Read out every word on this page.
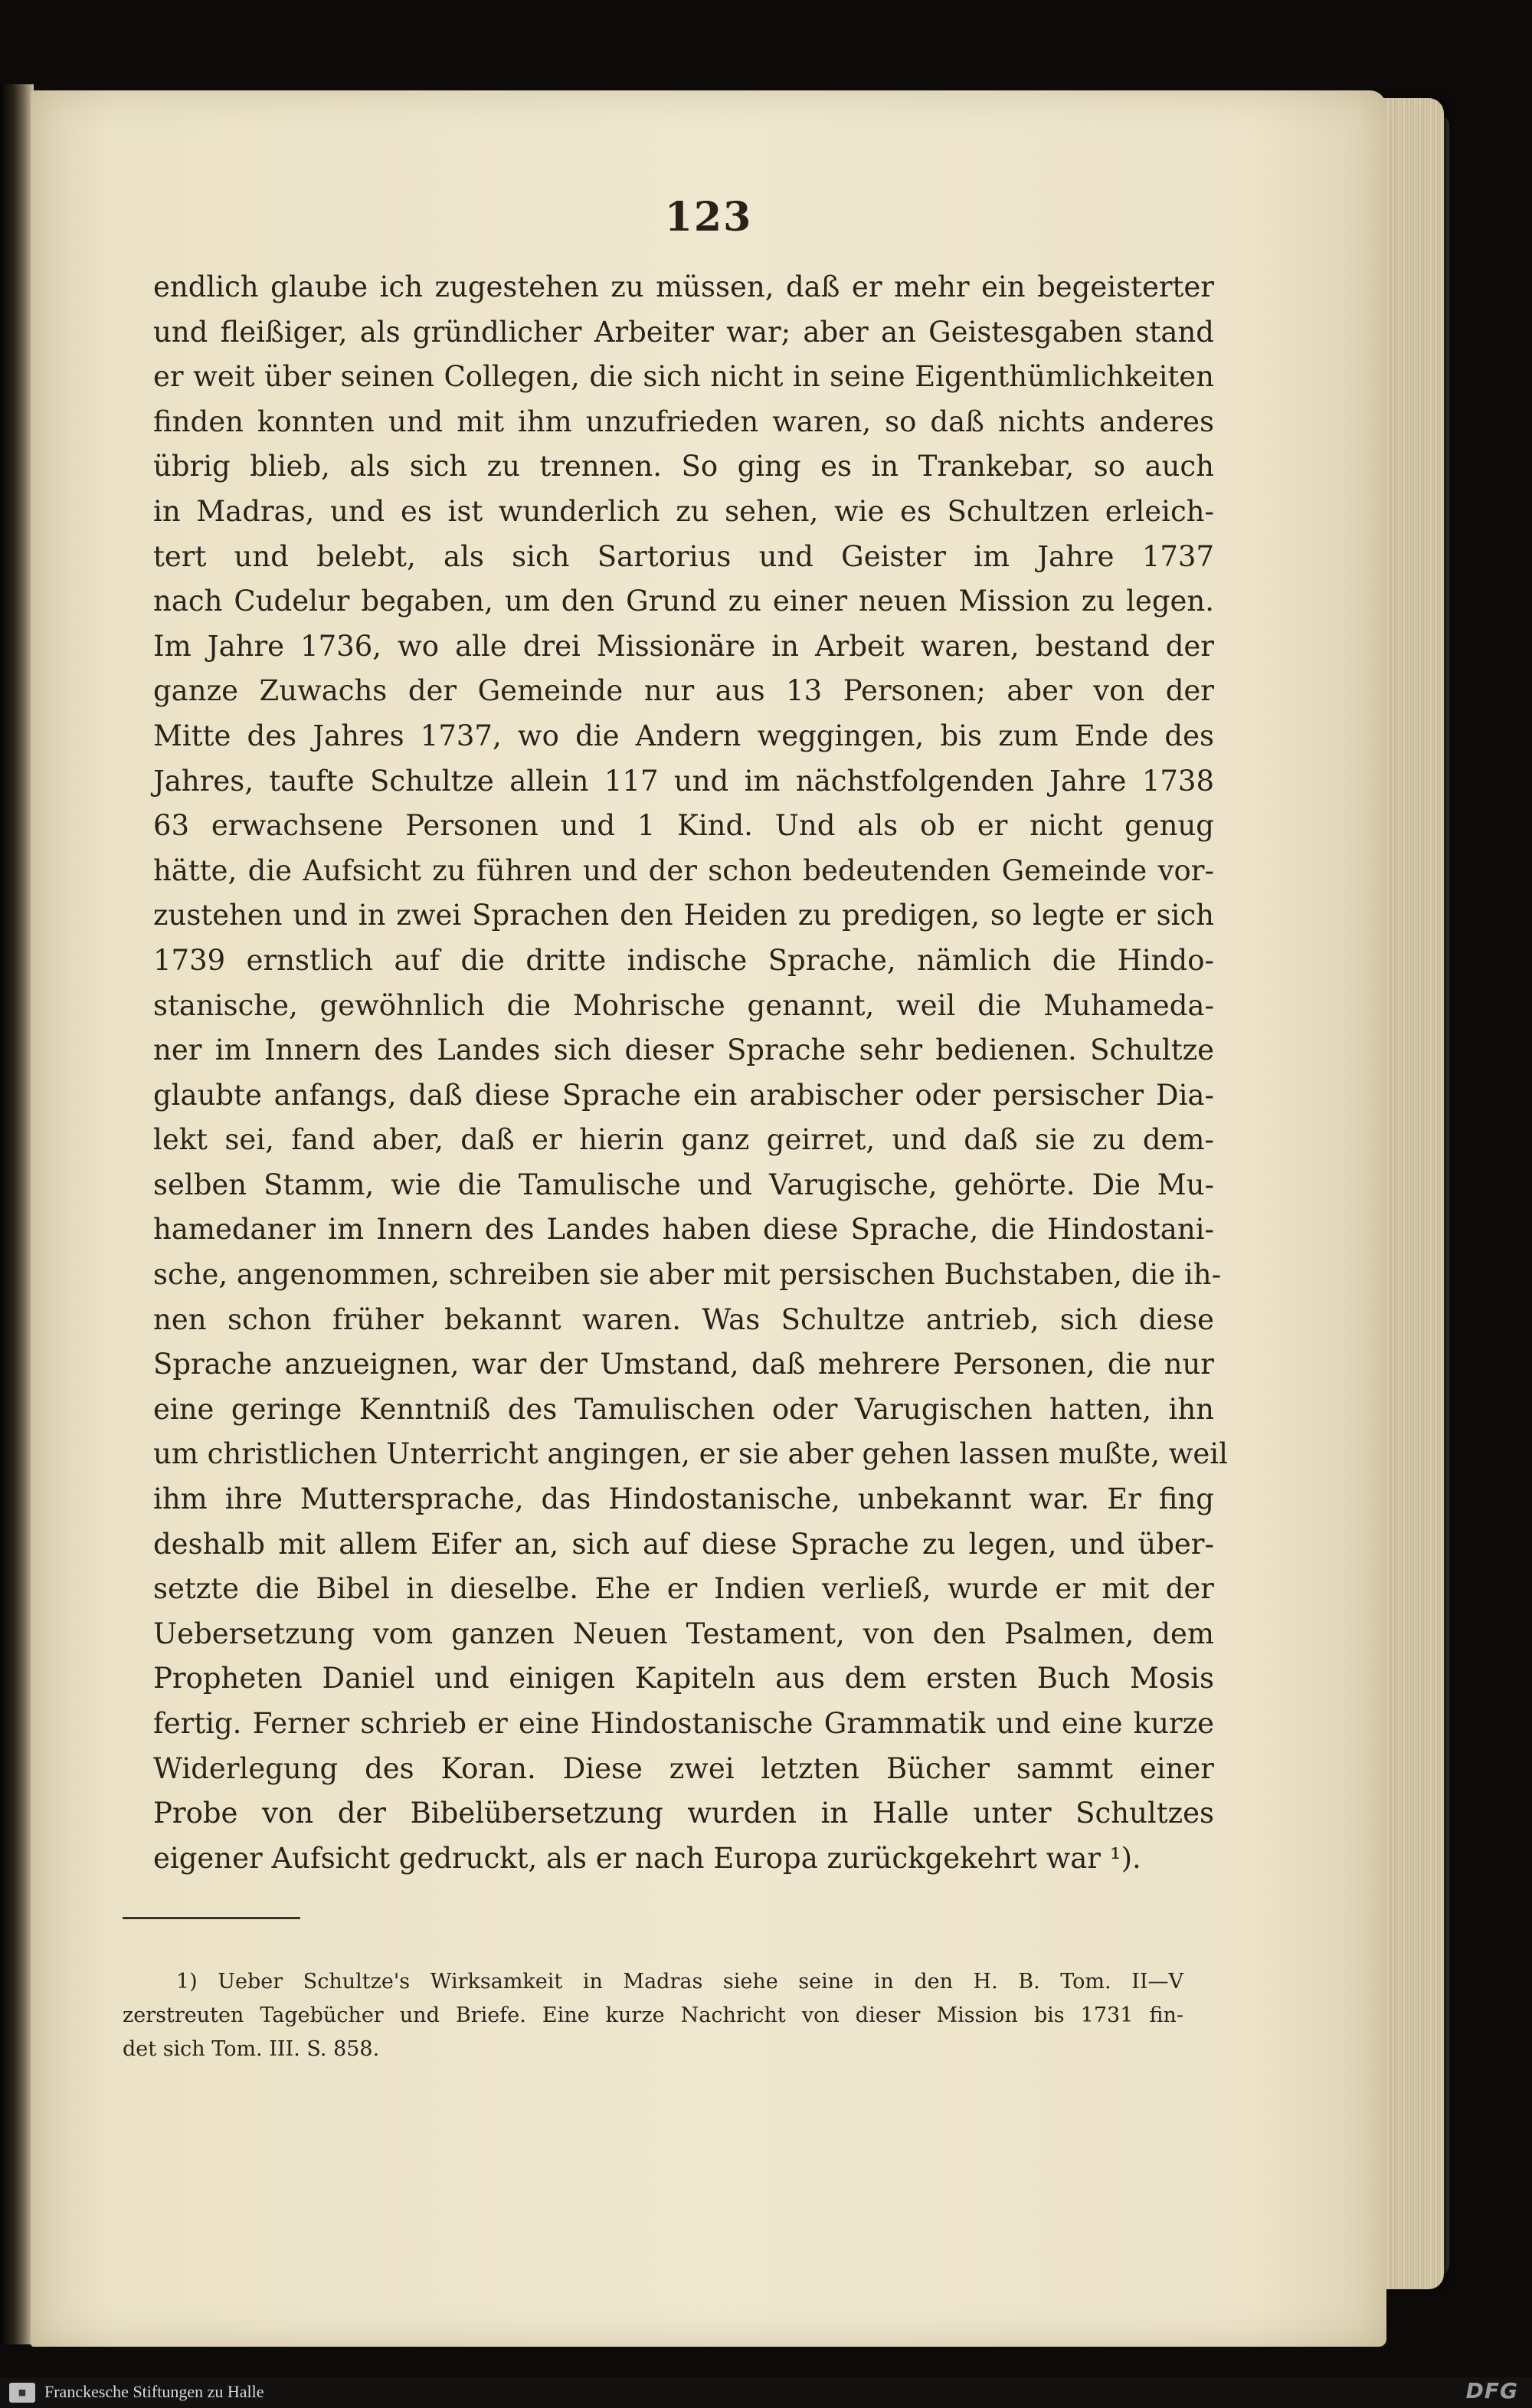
123
endlich glaube ich zugestehen zu müssen, daß er mehr ein begeisterter
und fleißiger, als gründlicher Arbeiter war; aber an Geistesgaben stand
er weit über seinen Collegen, die sich nicht in seine Eigenthümlichkeiten
finden konnten und mit ihm unzufrieden waren, so daß nichts anderes
übrig blieb, als sich zu trennen. So ging es in Trankebar, so auch
in Madras, und es ist wunderlich zu sehen, wie es Schultzen erleich-
tert und belebt, als sich Sartorius und Geister im Jahre 1737
nach Cudelur begaben, um den Grund zu einer neuen Mission zu legen.
Im Jahre 1736, wo alle drei Missionäre in Arbeit waren, bestand der
ganze Zuwachs der Gemeinde nur aus 13 Personen; aber von der
Mitte des Jahres 1737, wo die Andern weggingen, bis zum Ende des
Jahres, taufte Schultze allein 117 und im nächstfolgenden Jahre 1738
63 erwachsene Personen und 1 Kind. Und als ob er nicht genug
hätte, die Aufsicht zu führen und der schon bedeutenden Gemeinde vor-
zustehen und in zwei Sprachen den Heiden zu predigen, so legte er sich
1739 ernstlich auf die dritte indische Sprache, nämlich die Hindo-
stanische, gewöhnlich die Mohrische genannt, weil die Muhameda-
ner im Innern des Landes sich dieser Sprache sehr bedienen. Schultze
glaubte anfangs, daß diese Sprache ein arabischer oder persischer Dia-
lekt sei, fand aber, daß er hierin ganz geirret, und daß sie zu dem-
selben Stamm, wie die Tamulische und Varugische, gehörte. Die Mu-
hamedaner im Innern des Landes haben diese Sprache, die Hindostani-
sche, angenommen, schreiben sie aber mit persischen Buchstaben, die ih-
nen schon früher bekannt waren. Was Schultze antrieb, sich diese
Sprache anzueignen, war der Umstand, daß mehrere Personen, die nur
eine geringe Kenntniß des Tamulischen oder Varugischen hatten, ihn
um christlichen Unterricht angingen, er sie aber gehen lassen mußte, weil
ihm ihre Muttersprache, das Hindostanische, unbekannt war. Er fing
deshalb mit allem Eifer an, sich auf diese Sprache zu legen, und über-
setzte die Bibel in dieselbe. Ehe er Indien verließ, wurde er mit der
Uebersetzung vom ganzen Neuen Testament, von den Psalmen, dem
Propheten Daniel und einigen Kapiteln aus dem ersten Buch Mosis
fertig. Ferner schrieb er eine Hindostanische Grammatik und eine kurze
Widerlegung des Koran. Diese zwei letzten Bücher sammt einer
Probe von der Bibelübersetzung wurden in Halle unter Schultzes
eigener Aufsicht gedruckt, als er nach Europa zurückgekehrt war ¹).
1) Ueber Schultze's Wirksamkeit in Madras siehe seine in den H. B. Tom. II—V
zerstreuten Tagebücher und Briefe. Eine kurze Nachricht von dieser Mission bis 1731 fin-
det sich Tom. III. S. 858.
■	Franckesche Stiftungen zu Halle	DFG
